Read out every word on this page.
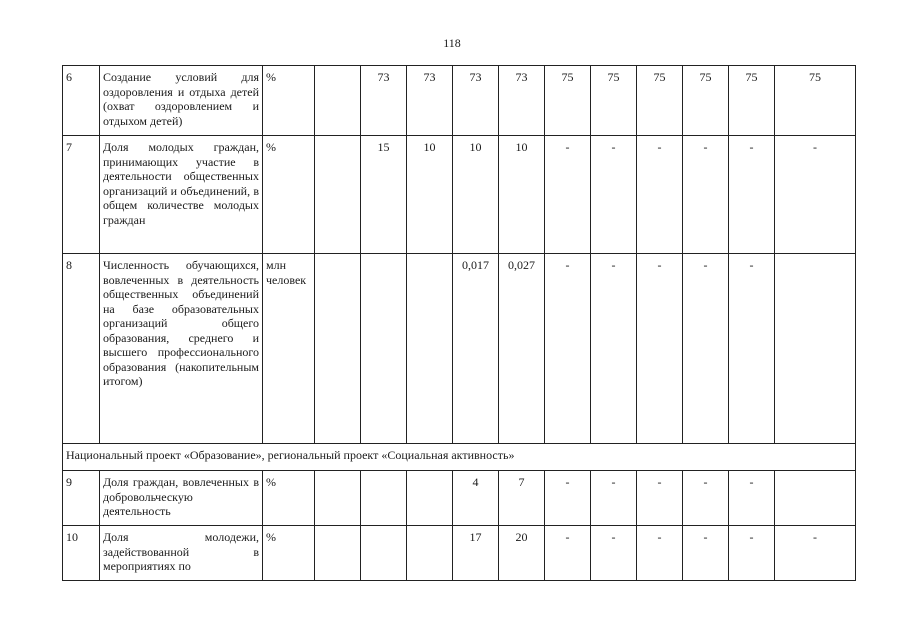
118
6	Создание условий для оздоровления и отдыха детей (охват оздоровлением и отдыхом детей)	%		73	73	73	73	75	75	75	75	75	75	
7	Доля молодых граждан, принимающих участие в деятельности общественных организаций и объединений, в общем количестве молодых граждан	%		15	10	10	10	-	-	-	-	-	-	
8	Численность обучающихся, вовлеченных в деятельность общественных объединений на базе образовательных организаций общего образования, среднего и высшего профессионального образования (накопительным итогом)	млн человек				0,017	0,027	-	-	-	-	-		
Национальный проект «Образование», региональный проект «Социальная активность»														
9	Доля граждан, вовлеченных в добровольческую деятельность	%				4	7	-	-	-	-	-		
10	Доля молодежи, задействованной в мероприятиях по	%				17	20	-	-	-	-	-	-	
